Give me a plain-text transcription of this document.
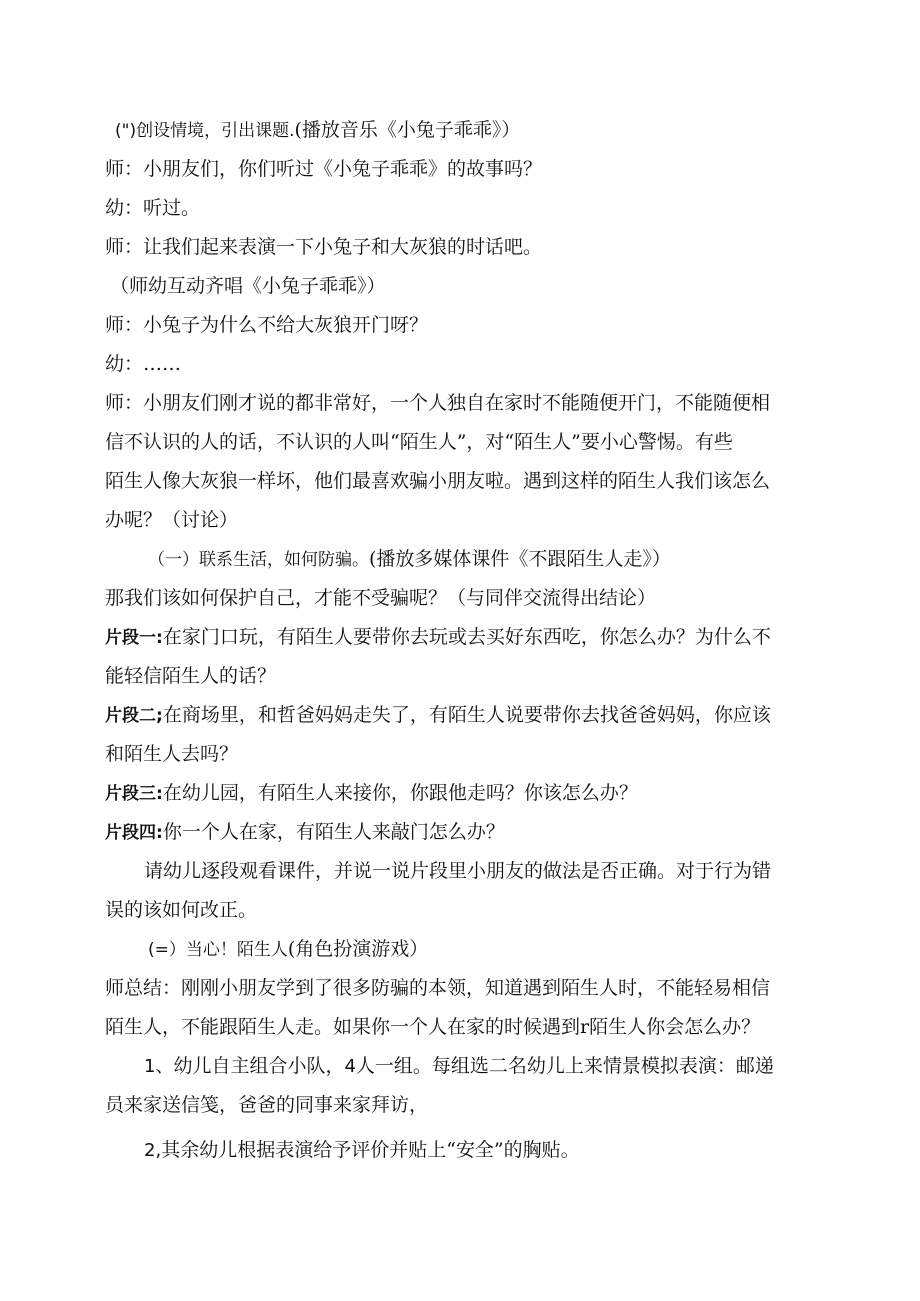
(")创设情境，引出课题.(播放音乐《小兔子乖乖》）
师：小朋友们，你们听过《小兔子乖乖》的故事吗？
幼：听过。
师：让我们起来表演一下小兔子和大灰狼的时话吧。
（师幼互动齐唱《小兔子乖乖》）
师：小兔子为什么不给大灰狼开门呀？
幼：……
师：小朋友们刚才说的都非常好，一个人独自在家时不能随便开门，不能随便相
信不认识的人的话，不认识的人叫“陌生人”，对“陌生人”要小心警惕。有些
陌生人像大灰狼一样坏，他们最喜欢骗小朋友啦。遇到这样的陌生人我们该怎么
办呢？（讨论）
（一）联系生活，如何防骗。(播放多媒体课件《不跟陌生人走》）
那我们该如何保护自己，才能不受骗呢？（与同伴交流得出结论）
片段一:在家门口玩，有陌生人要带你去玩或去买好东西吃，你怎么办？为什么不
能轻信陌生人的话？
片段二;在商场里，和哲爸妈妈走失了，有陌生人说要带你去找爸爸妈妈，你应该
和陌生人去吗？
片段三:在幼儿园，有陌生人来接你，你跟他走吗？你该怎么办？
片段四:你一个人在家，有陌生人来敲门怎么办？
请幼儿逐段观看课件，并说一说片段里小朋友的做法是否正确。对于行为错
误的该如何改正。
(=）当心！陌生人(角色扮演游戏）
师总结：刚刚小朋友学到了很多防骗的本领，知道遇到陌生人时，不能轻易相信
陌生人，不能跟陌生人走。如果你一个人在家的时候遇到r陌生人你会怎么办？
1、幼儿自主组合小队，4人一组。每组选二名幼儿上来情景模拟表演：邮递
员来家送信笺，爸爸的同事来家拜访，
2,其余幼儿根据表演给予评价并贴上“安全”的胸贴。
